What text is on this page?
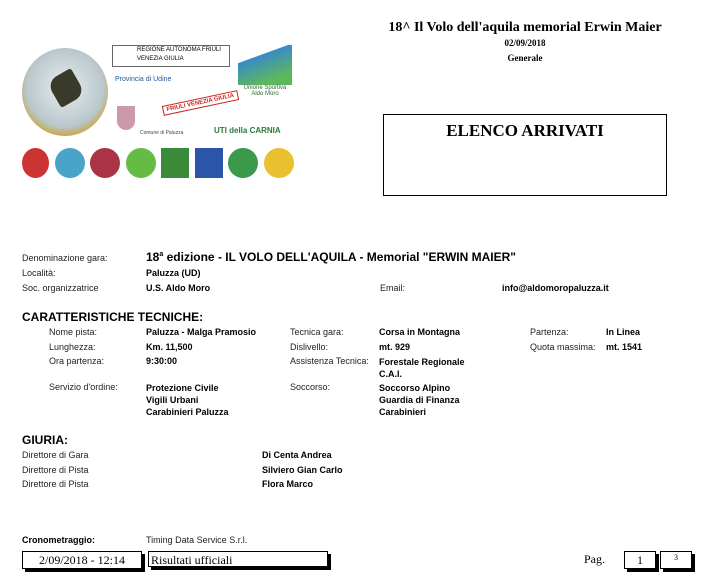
REGIONE AUTONOMA FRIULI VENEZIA GIULIA
Provincia di Udine
FRIULI VENEZIA GIULIA
Comune di Paluzza
Unione Sportiva Aldo Moro
UTI della CARNIA
18^ Il Volo dell'aquila memorial Erwin Maier
02/09/2018
Generale
ELENCO ARRIVATI
Denominazione gara:	18$^a$ edizione - IL VOLO DELL'AQUILA - Memorial "ERWIN MAIER"
Località:	Paluzza (UD)
Soc. organizzatrice	U.S. Aldo Moro	Email:	info@aldomoropaluzza.it
CARATTERISTICHE TECNICHE:
Nome pista:	Paluzza - Malga Pramosio
Lunghezza:	Km. 11,500
Ora partenza:	9:30:00
Servizio d'ordine:	Protezione Civile
Vigili Urbani
Carabinieri Paluzza
Tecnica gara:	Corsa in Montagna
Dislivello:	mt. 929
Assistenza Tecnica: Forestale Regionale
C.A.I.
Soccorso:	Soccorso Alpino
Guardia di Finanza
Carabinieri
Partenza:	In Linea
Quota massima: mt. 1541
GIURIA:
Direttore di Gara	Di Centa Andrea
Direttore di Pista	Silviero Gian Carlo
Direttore di Pista	Flora Marco
Cronometraggio:	Timing Data Service S.r.l.
2/09/2018 - 12:14	Risultati ufficiali	Pag.	1	3
